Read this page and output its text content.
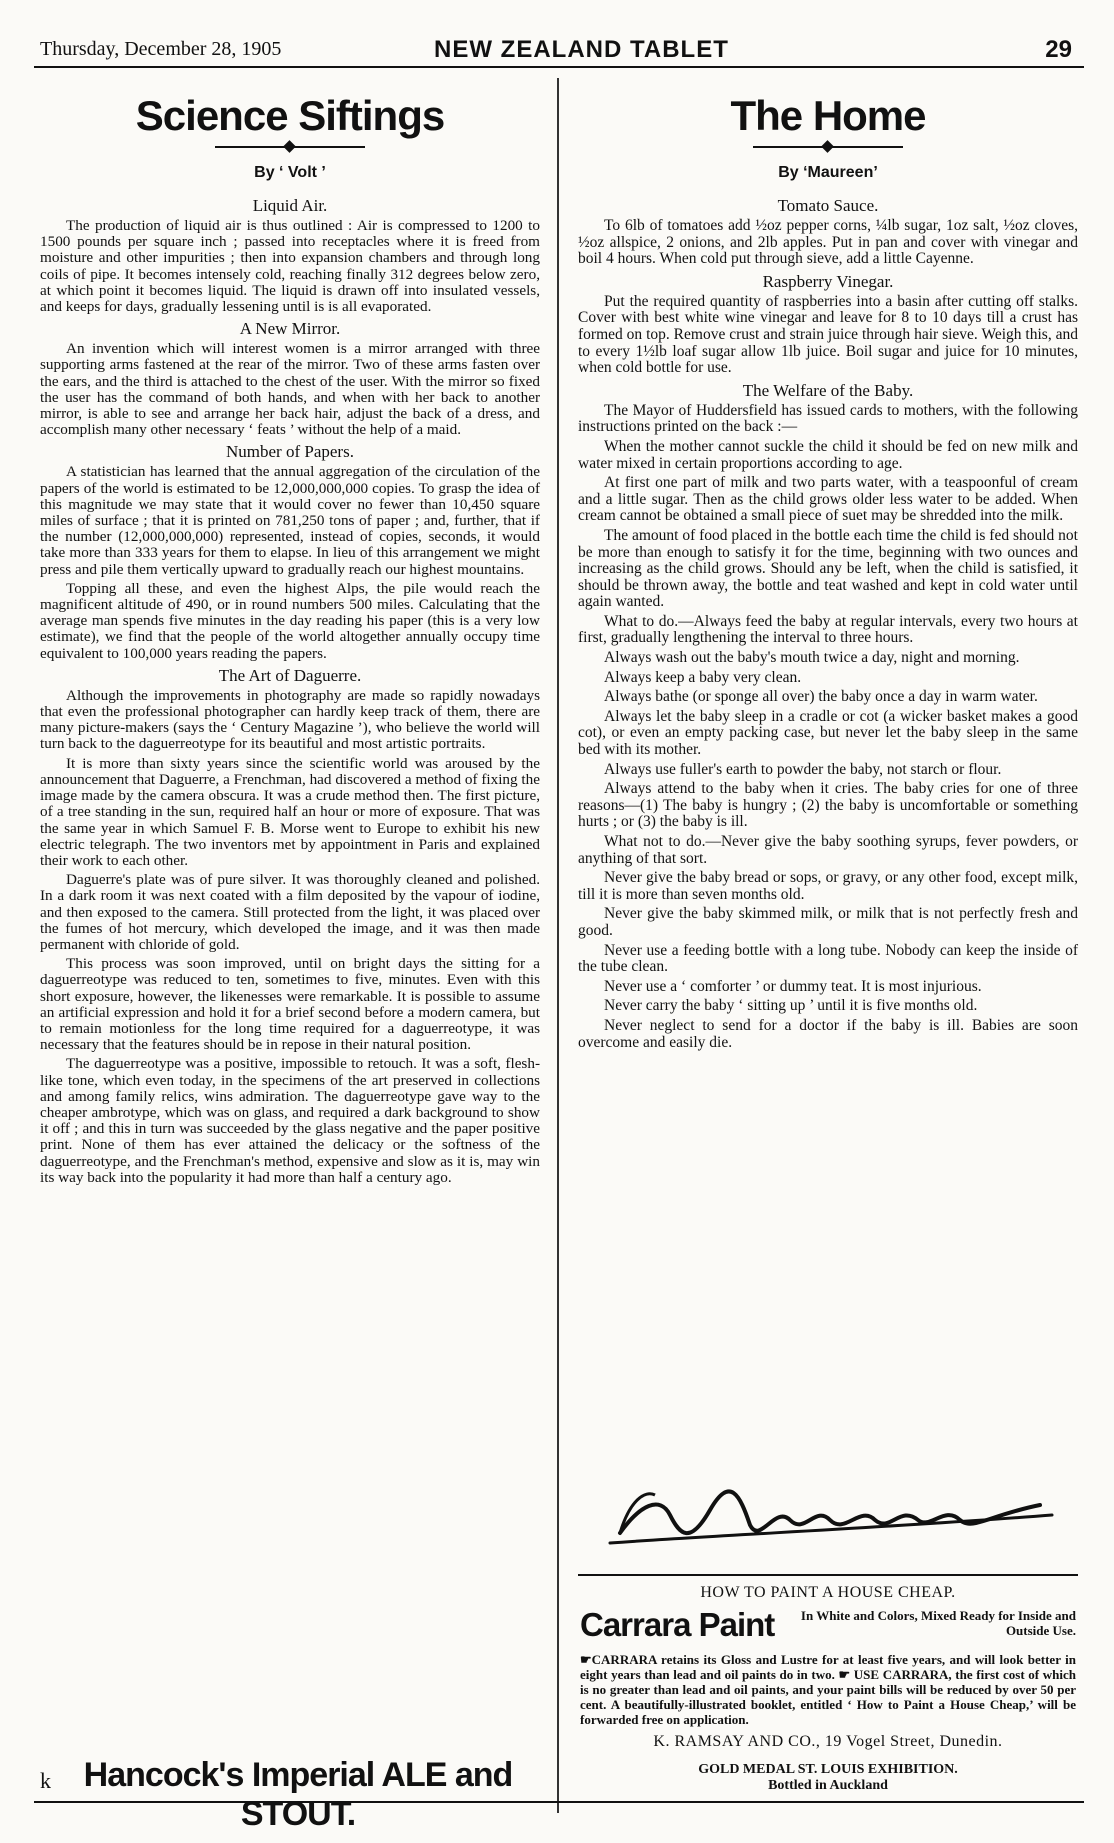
Thursday, December 28, 1905	NEW ZEALAND TABLET	29
Science Siftings
By ‘ Volt ’
Liquid Air.

The production of liquid air is thus outlined : Air is compressed to 1200 to 1500 pounds per square inch ; passed into receptacles where it is freed from moisture and other impurities ; then into expansion chambers and through long coils of pipe. It becomes intensely cold, reaching finally 312 degrees below zero, at which point it becomes liquid. The liquid is drawn off into insulated vessels, and keeps for days, gradually lessening until is is all evaporated.

A New Mirror.

An invention which will interest women is a mirror arranged with three supporting arms fastened at the rear of the mirror. Two of these arms fasten over the ears, and the third is attached to the chest of the user. With the mirror so fixed the user has the command of both hands, and when with her back to another mirror, is able to see and arrange her back hair, adjust the back of a dress, and accomplish many other necessary ‘ feats ’ without the help of a maid.

Number of Papers.

A statistician has learned that the annual aggregation of the circulation of the papers of the world is estimated to be 12,000,000,000 copies. To grasp the idea of this magnitude we may state that it would cover no fewer than 10,450 square miles of surface ; that it is printed on 781,250 tons of paper ; and, further, that if the number (12,000,000,000) represented, instead of copies, seconds, it would take more than 333 years for them to elapse. In lieu of this arrangement we might press and pile them vertically upward to gradually reach our highest mountains.

Topping all these, and even the highest Alps, the pile would reach the magnificent altitude of 490, or in round numbers 500 miles. Calculating that the average man spends five minutes in the day reading his paper (this is a very low estimate), we find that the people of the world altogether annually occupy time equivalent to 100,000 years reading the papers.

The Art of Daguerre.

Although the improvements in photography are made so rapidly nowadays that even the professional photographer can hardly keep track of them, there are many picture-makers (says the ‘ Century Magazine ’), who believe the world will turn back to the daguerreotype for its beautiful and most artistic portraits.

It is more than sixty years since the scientific world was aroused by the announcement that Daguerre, a Frenchman, had discovered a method of fixing the image made by the camera obscura. It was a crude method then. The first picture, of a tree standing in the sun, required half an hour or more of exposure. That was the same year in which Samuel F. B. Morse went to Europe to exhibit his new electric telegraph. The two inventors met by appointment in Paris and explained their work to each other.

Daguerre's plate was of pure silver. It was thoroughly cleaned and polished. In a dark room it was next coated with a film deposited by the vapour of iodine, and then exposed to the camera. Still protected from the light, it was placed over the fumes of hot mercury, which developed the image, and it was then made permanent with chloride of gold.

This process was soon improved, until on bright days the sitting for a daguerreotype was reduced to ten, sometimes to five, minutes. Even with this short exposure, however, the likenesses were remarkable. It is possible to assume an artificial expression and hold it for a brief second before a modern camera, but to remain motionless for the long time required for a daguerreotype, it was necessary that the features should be in repose in their natural position.

The daguerreotype was a positive, impossible to retouch. It was a soft, flesh-like tone, which even today, in the specimens of the art preserved in collections and among family relics, wins admiration. The daguerreotype gave way to the cheaper ambrotype, which was on glass, and required a dark background to show it off ; and this in turn was succeeded by the glass negative and the paper positive print. None of them has ever attained the delicacy or the softness of the daguerreotype, and the Frenchman's method, expensive and slow as it is, may win its way back into the popularity it had more than half a century ago.

The Home
By ‘Maureen’
Tomato Sauce.

To 6lb of tomatoes add ½oz pepper corns, ¼lb sugar, 1oz salt, ½oz cloves, ½oz allspice, 2 onions, and 2lb apples. Put in pan and cover with vinegar and boil 4 hours. When cold put through sieve, add a little Cayenne.

Raspberry Vinegar.

Put the required quantity of raspberries into a basin after cutting off stalks. Cover with best white wine vinegar and leave for 8 to 10 days till a crust has formed on top. Remove crust and strain juice through hair sieve. Weigh this, and to every 1½lb loaf sugar allow 1lb juice. Boil sugar and juice for 10 minutes, when cold bottle for use.

The Welfare of the Baby.

The Mayor of Huddersfield has issued cards to mothers, with the following instructions printed on the back :—

When the mother cannot suckle the child it should be fed on new milk and water mixed in certain proportions according to age.

At first one part of milk and two parts water, with a teaspoonful of cream and a little sugar. Then as the child grows older less water to be added. When cream cannot be obtained a small piece of suet may be shredded into the milk.

The amount of food placed in the bottle each time the child is fed should not be more than enough to satisfy it for the time, beginning with two ounces and increasing as the child grows. Should any be left, when the child is satisfied, it should be thrown away, the bottle and teat washed and kept in cold water until again wanted.

What to do.—Always feed the baby at regular intervals, every two hours at first, gradually lengthening the interval to three hours.

Always wash out the baby's mouth twice a day, night and morning.

Always keep a baby very clean.

Always bathe (or sponge all over) the baby once a day in warm water.

Always let the baby sleep in a cradle or cot (a wicker basket makes a good cot), or even an empty packing case, but never let the baby sleep in the same bed with its mother.

Always use fuller's earth to powder the baby, not starch or flour.

Always attend to the baby when it cries. The baby cries for one of three reasons—(1) The baby is hungry ; (2) the baby is uncomfortable or something hurts ; or (3) the baby is ill.

What not to do.—Never give the baby soothing syrups, fever powders, or anything of that sort.

Never give the baby bread or sops, or gravy, or any other food, except milk, till it is more than seven months old.

Never give the baby skimmed milk, or milk that is not perfectly fresh and good.

Never use a feeding bottle with a long tube. Nobody can keep the inside of the tube clean.

Never use a ‘ comforter ’ or dummy teat. It is most injurious.

Never carry the baby ‘ sitting up ’ until it is five months old.

Never neglect to send for a doctor if the baby is ill. Babies are soon overcome and easily die.

HOW TO PAINT A HOUSE CHEAP.
Carrara Paint	In White and Colors, Mixed Ready for Inside and Outside Use.
☛CARRARA retains its Gloss and Lustre for at least five years, and will look better in eight years than lead and oil paints do in two. ☛ USE CARRARA, the first cost of which is no greater than lead and oil paints, and your paint bills will be reduced by over 50 per cent. A beautifully-illustrated booklet, entitled ‘ How to Paint a House Cheap,’ will be forwarded free on application.
K. RAMSAY AND CO., 19 Vogel Street, Dunedin.
k Hancock's Imperial ALE and STOUT.
GOLD MEDAL ST. LOUIS EXHIBITION.
Bottled in Auckland
